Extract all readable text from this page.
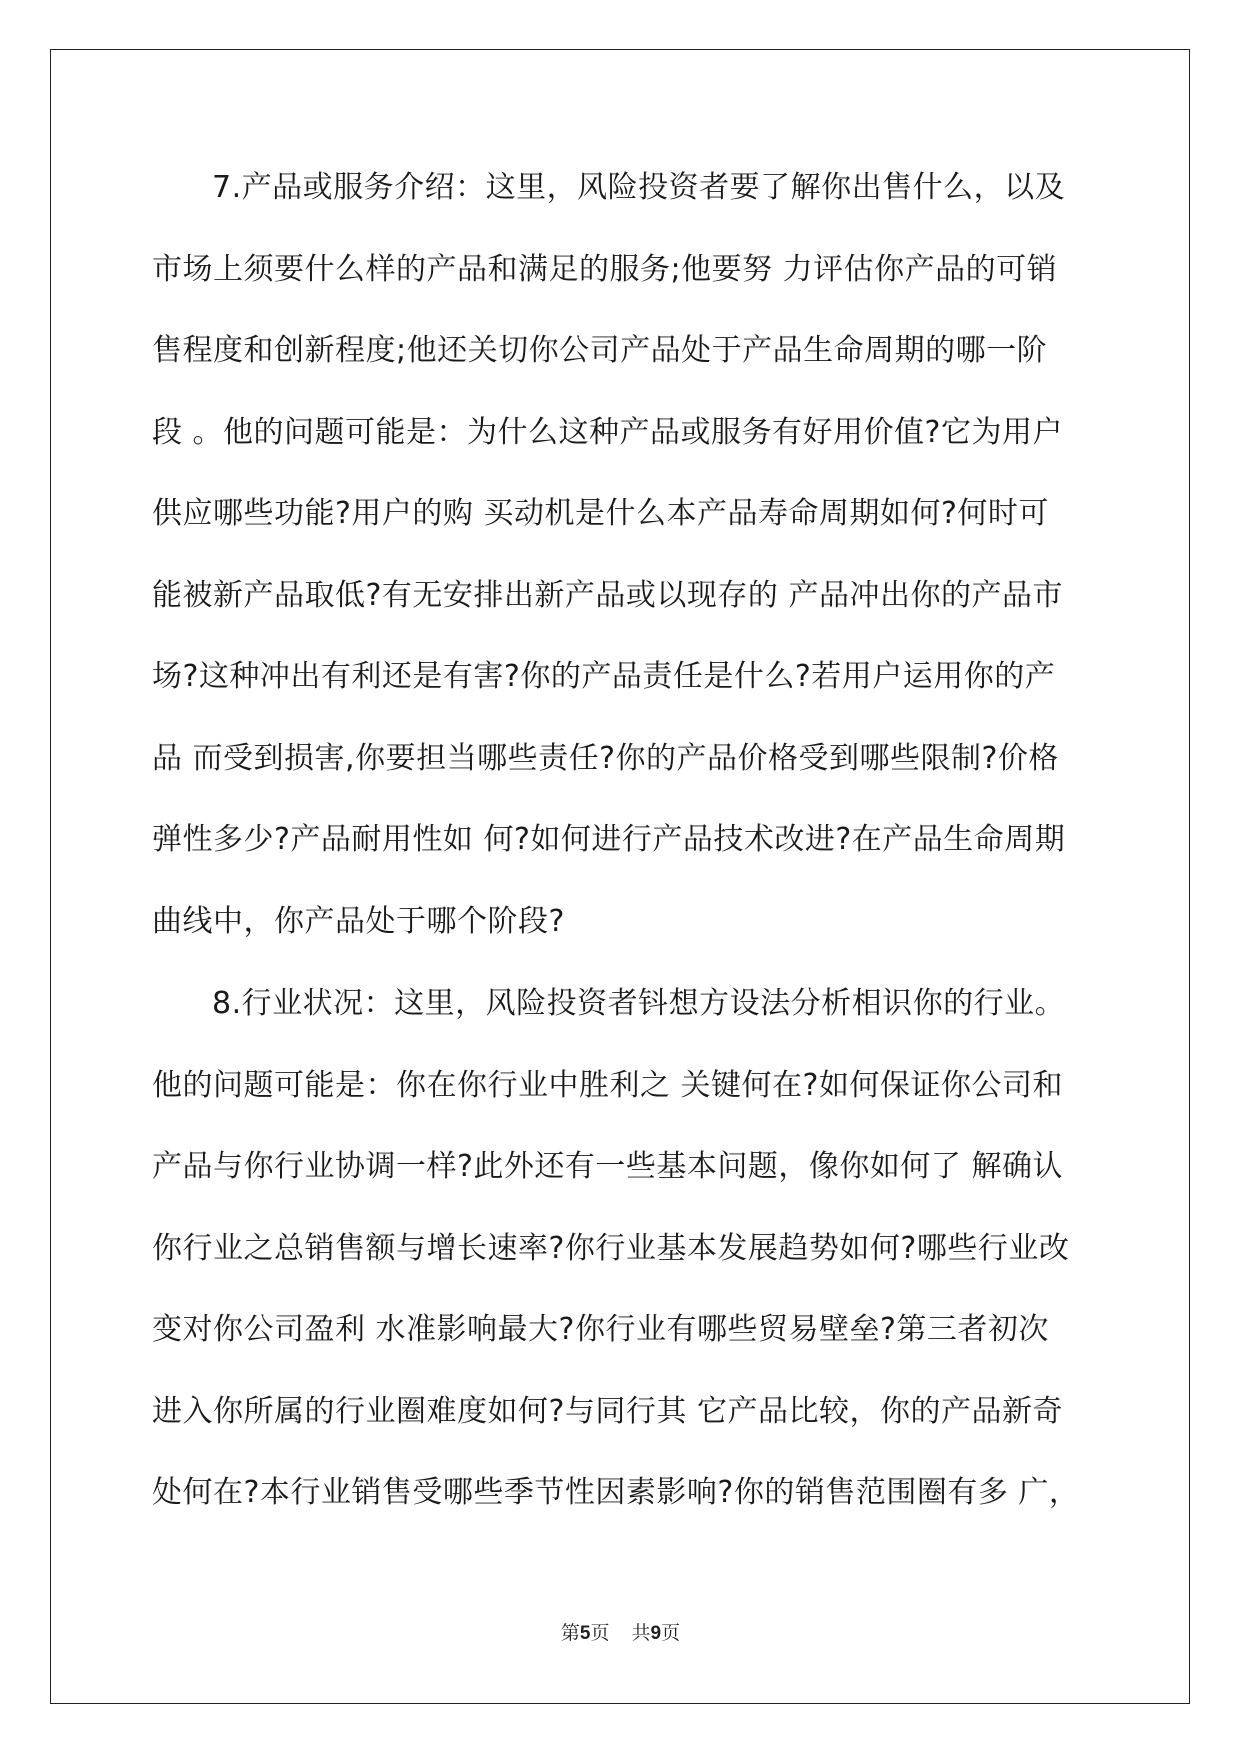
7.产品或服务介绍：这里，风险投资者要了解你出售什么，以及
市场上须要什么样的产品和满足的服务;他要努 力评估你产品的可销
售程度和创新程度;他还关切你公司产品处于产品生命周期的哪一阶
段 。他的问题可能是：为什么这种产品或服务有好用价值?它为用户
供应哪些功能?用户的购 买动机是什么本产品寿命周期如何?何时可
能被新产品取低?有无安排出新产品或以现存的 产品冲出你的产品市
场?这种冲出有利还是有害?你的产品责任是什么?若用户运用你的产
品 而受到损害,你要担当哪些责任?你的产品价格受到哪些限制?价格
弹性多少?产品耐用性如 何?如何进行产品技术改进?在产品生命周期
曲线中，你产品处于哪个阶段?
8.行业状况：这里，风险投资者钭想方设法分析相识你的行业。
他的问题可能是：你在你行业中胜利之 关键何在?如何保证你公司和
产品与你行业协调一样?此外还有一些基本问题，像你如何了 解确认
你行业之总销售额与增长速率?你行业基本发展趋势如何?哪些行业改
变对你公司盈利 水准影响最大?你行业有哪些贸易壁垒?第三者初次
进入你所属的行业圈难度如何?与同行其 它产品比较，你的产品新奇
处何在?本行业销售受哪些季节性因素影响?你的销售范围圈有多 广，
第5页 共9页
